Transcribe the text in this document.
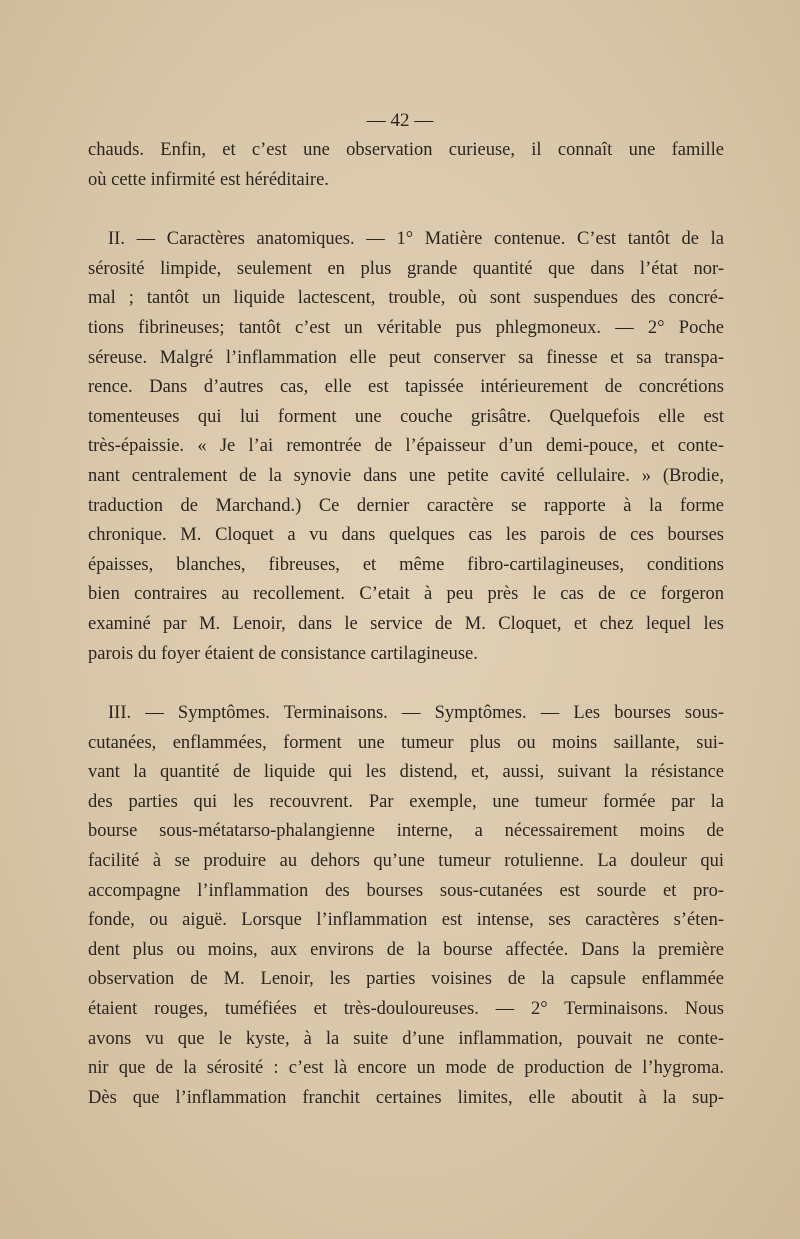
— 42 —
chauds. Enfin, et c’est une observation curieuse, il connaît une famille
où cette infirmité est héréditaire.
II. — Caractères anatomiques. — 1° Matière contenue. C’est tantôt de la
sérosité limpide, seulement en plus grande quantité que dans l’état nor-
mal ; tantôt un liquide lactescent, trouble, où sont suspendues des concré-
tions fibrineuses; tantôt c’est un véritable pus phlegmoneux. — 2° Poche
séreuse. Malgré l’inflammation elle peut conserver sa finesse et sa transpa-
rence. Dans d’autres cas, elle est tapissée intérieurement de concrétions
tomenteuses qui lui forment une couche grisâtre. Quelquefois elle est
très-épaissie. « Je l’ai remontrée de l’épaisseur d’un demi-pouce, et conte-
nant centralement de la synovie dans une petite cavité cellulaire. » (Brodie,
traduction de Marchand.) Ce dernier caractère se rapporte à la forme
chronique. M. Cloquet a vu dans quelques cas les parois de ces bourses
épaisses, blanches, fibreuses, et même fibro-cartilagineuses, conditions
bien contraires au recollement. C’etait à peu près le cas de ce forgeron
examiné par M. Lenoir, dans le service de M. Cloquet, et chez lequel les
parois du foyer étaient de consistance cartilagineuse.
III. — Symptômes. Terminaisons. — Symptômes. — Les bourses sous-
cutanées, enflammées, forment une tumeur plus ou moins saillante, sui-
vant la quantité de liquide qui les distend, et, aussi, suivant la résistance
des parties qui les recouvrent. Par exemple, une tumeur formée par la
bourse sous-métatarso-phalangienne interne, a nécessairement moins de
facilité à se produire au dehors qu’une tumeur rotulienne. La douleur qui
accompagne l’inflammation des bourses sous-cutanées est sourde et pro-
fonde, ou aiguë. Lorsque l’inflammation est intense, ses caractères s’éten-
dent plus ou moins, aux environs de la bourse affectée. Dans la première
observation de M. Lenoir, les parties voisines de la capsule enflammée
étaient rouges, tuméfiées et très-douloureuses. — 2° Terminaisons. Nous
avons vu que le kyste, à la suite d’une inflammation, pouvait ne conte-
nir que de la sérosité : c’est là encore un mode de production de l’hygroma.
Dès que l’inflammation franchit certaines limites, elle aboutit à la sup-
